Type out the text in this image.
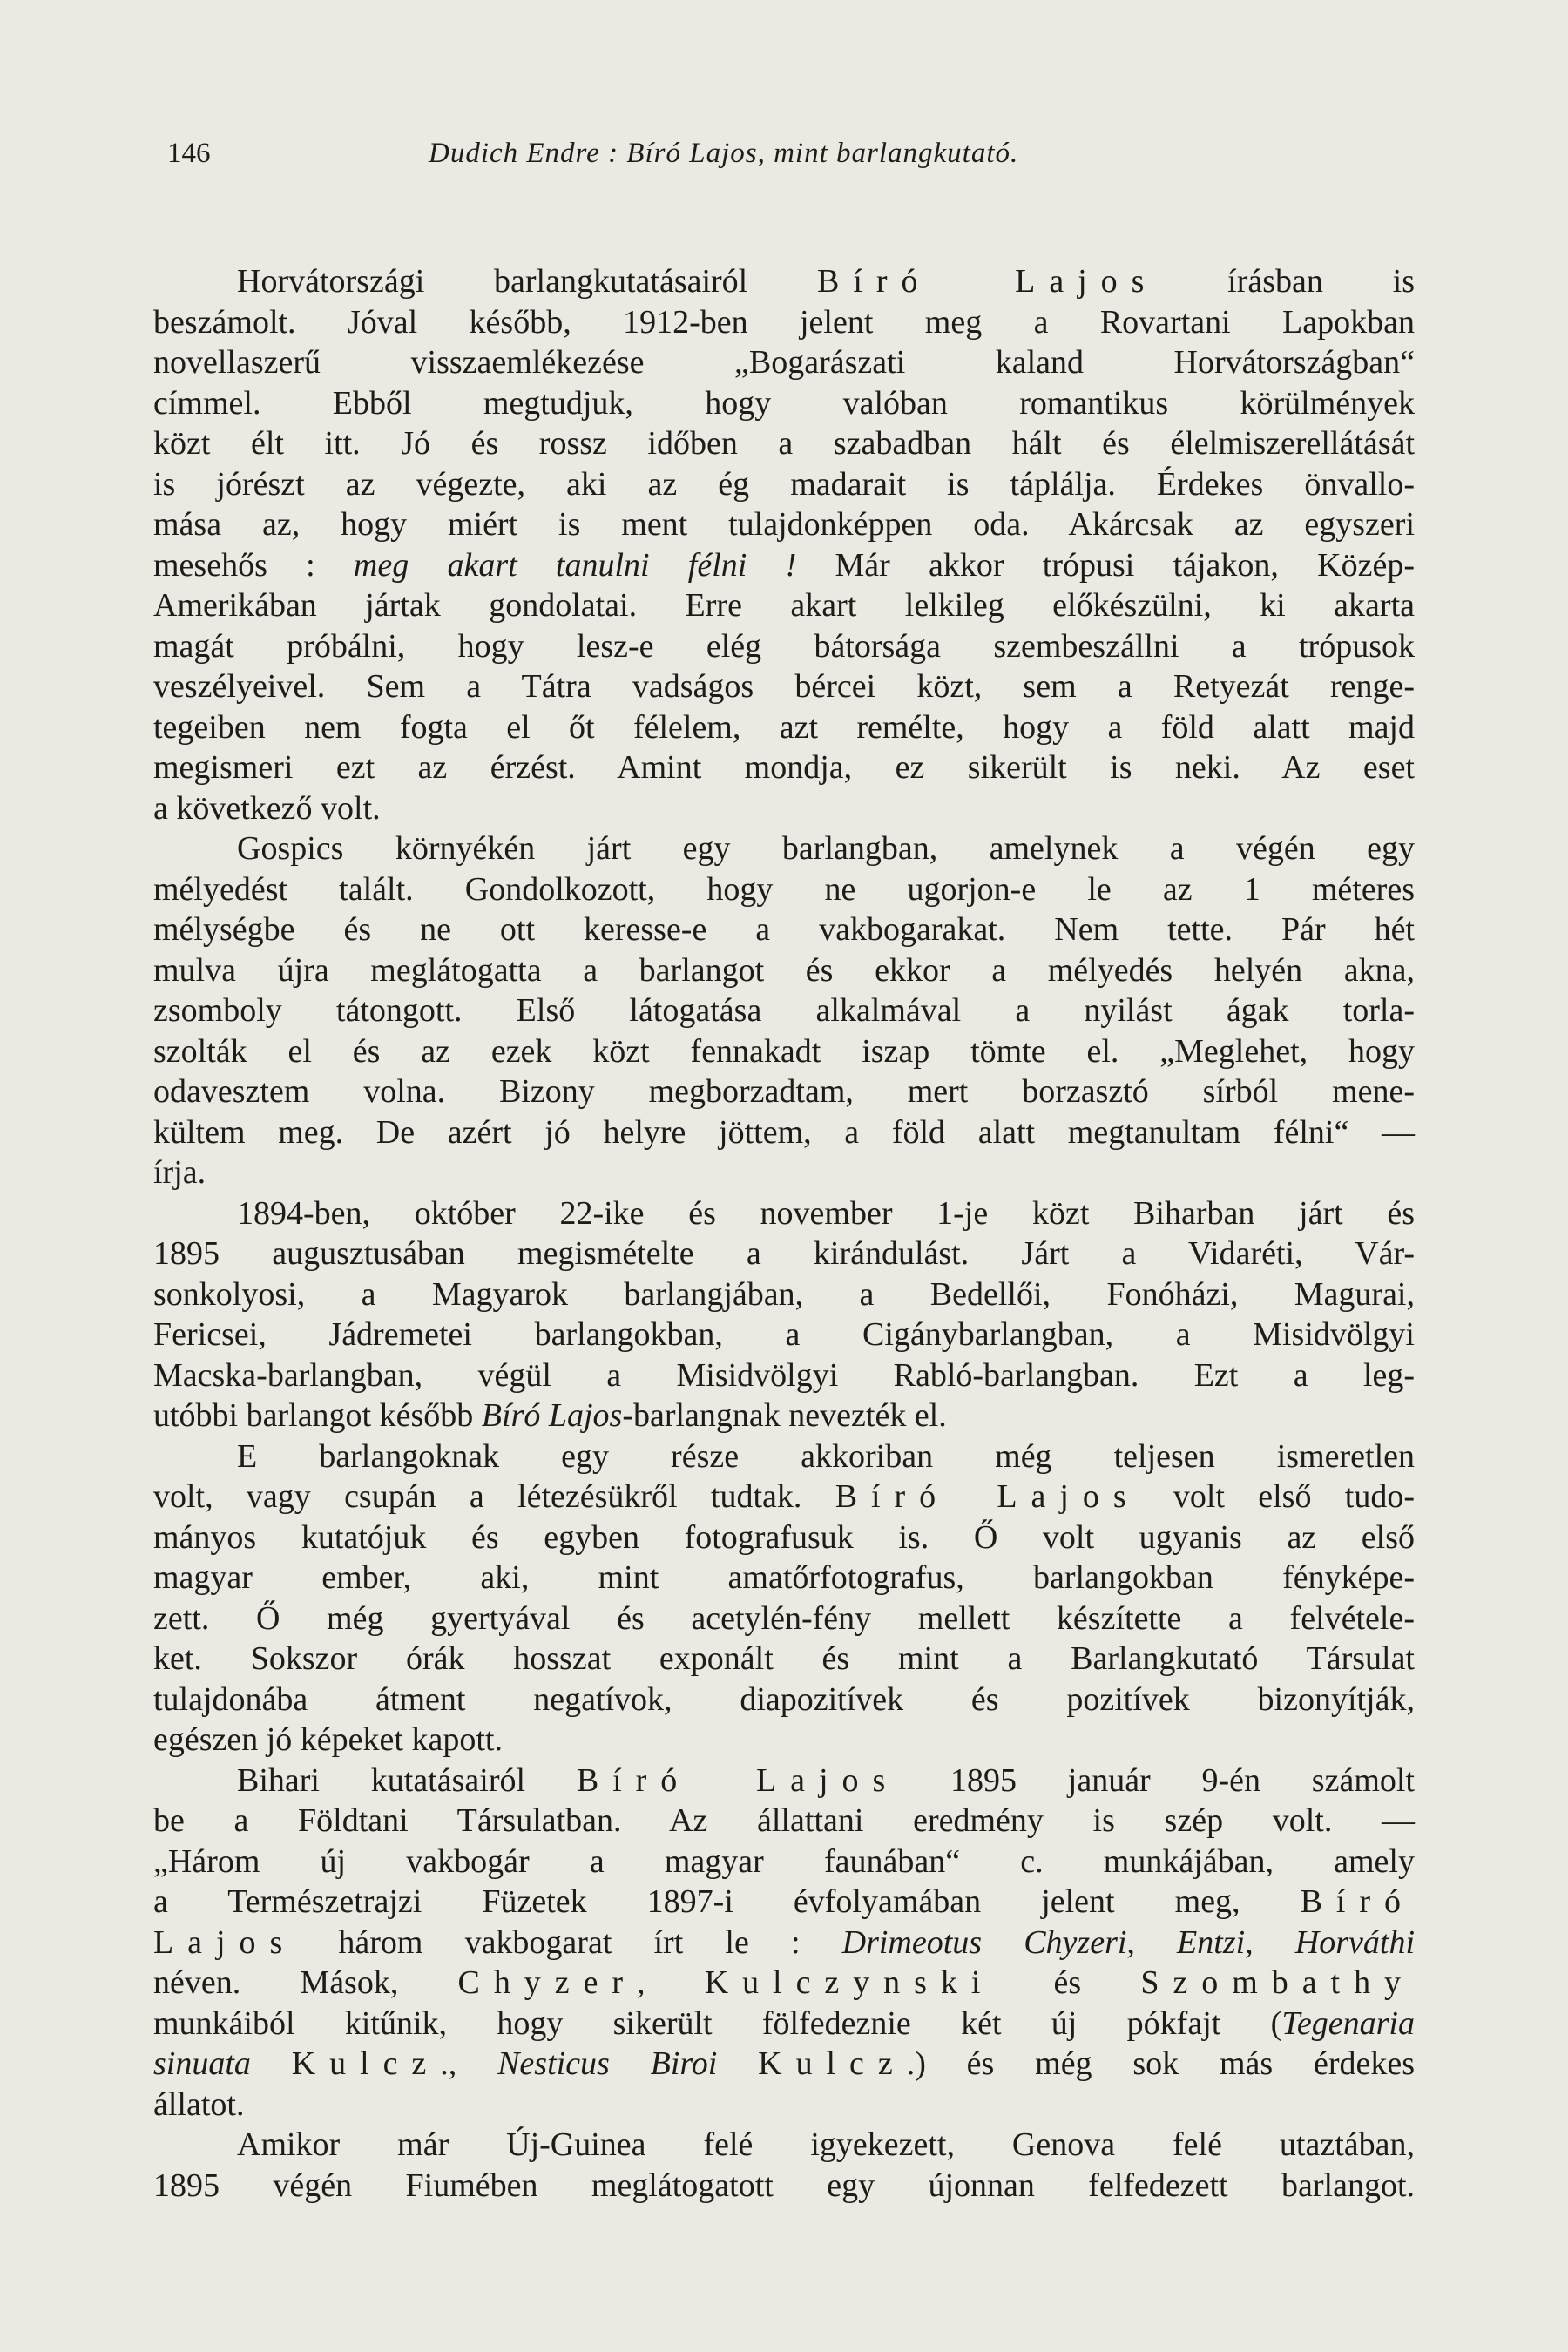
146	Dudich Endre : Bíró Lajos, mint barlangkutató.
Horvátországi barlangkutatásairól Bíró Lajos írásban is
beszámolt. Jóval később, 1912-ben jelent meg a Rovartani Lapokban
novellaszerű visszaemlékezése „Bogarászati kaland Horvátországban“
címmel. Ebből megtudjuk, hogy valóban romantikus körülmények
közt élt itt. Jó és rossz időben a szabadban hált és élelmiszerellátását
is jórészt az végezte, aki az ég madarait is táplálja. Érdekes önvallo-
mása az, hogy miért is ment tulajdonképpen oda. Akárcsak az egyszeri
mesehős : meg akart tanulni félni ! Már akkor trópusi tájakon, Közép-
Amerikában jártak gondolatai. Erre akart lelkileg előkészülni, ki akarta
magát próbálni, hogy lesz-e elég bátorsága szembeszállni a trópusok
veszélyeivel. Sem a Tátra vadságos bércei közt, sem a Retyezát renge-
tegeiben nem fogta el őt félelem, azt remélte, hogy a föld alatt majd
megismeri ezt az érzést. Amint mondja, ez sikerült is neki. Az eset
a következő volt.
Gospics környékén járt egy barlangban, amelynek a végén egy
mélyedést talált. Gondolkozott, hogy ne ugorjon-e le az 1 méteres
mélységbe és ne ott keresse-e a vakbogarakat. Nem tette. Pár hét
mulva újra meglátogatta a barlangot és ekkor a mélyedés helyén akna,
zsomboly tátongott. Első látogatása alkalmával a nyilást ágak torla-
szolták el és az ezek közt fennakadt iszap tömte el. „Meglehet, hogy
odavesztem volna. Bizony megborzadtam, mert borzasztó sírból mene-
kültem meg. De azért jó helyre jöttem, a föld alatt megtanultam félni“ —
írja.
1894-ben, október 22-ike és november 1-je közt Biharban járt és
1895 augusztusában megismételte a kirándulást. Járt a Vidaréti, Vár-
sonkolyosi, a Magyarok barlangjában, a Bedellői, Fonóházi, Magurai,
Fericsei, Jádremetei barlangokban, a Cigánybarlangban, a Misidvölgyi
Macska-barlangban, végül a Misidvölgyi Rabló-barlangban. Ezt a leg-
utóbbi barlangot később Bíró Lajos-barlangnak nevezték el.
E barlangoknak egy része akkoriban még teljesen ismeretlen
volt, vagy csupán a létezésükről tudtak. Bíró Lajos volt első tudo-
mányos kutatójuk és egyben fotografusuk is. Ő volt ugyanis az első
magyar ember, aki, mint amatőrfotografus, barlangokban fényképe-
zett. Ő még gyertyával és acetylén-fény mellett készítette a felvétele-
ket. Sokszor órák hosszat exponált és mint a Barlangkutató Társulat
tulajdonába átment negatívok, diapozitívek és pozitívek bizonyítják,
egészen jó képeket kapott.
Bihari kutatásairól Bíró Lajos 1895 január 9-én számolt
be a Földtani Társulatban. Az állattani eredmény is szép volt. —
„Három új vakbogár a magyar faunában“ c. munkájában, amely
a Természetrajzi Füzetek 1897-i évfolyamában jelent meg, Bíró
Lajos három vakbogarat írt le : Drimeotus Chyzeri, Entzi, Horváthi
néven. Mások, Chyzer, Kulczynski és Szombathy
munkáiból kitűnik, hogy sikerült fölfedeznie két új pókfajt (Tegenaria
sinuata Kulcz., Nesticus Biroi Kulcz.) és még sok más érdekes
állatot.
Amikor már Új-Guinea felé igyekezett, Genova felé utaztában,
1895 végén Fiumében meglátogatott egy újonnan felfedezett barlangot.
